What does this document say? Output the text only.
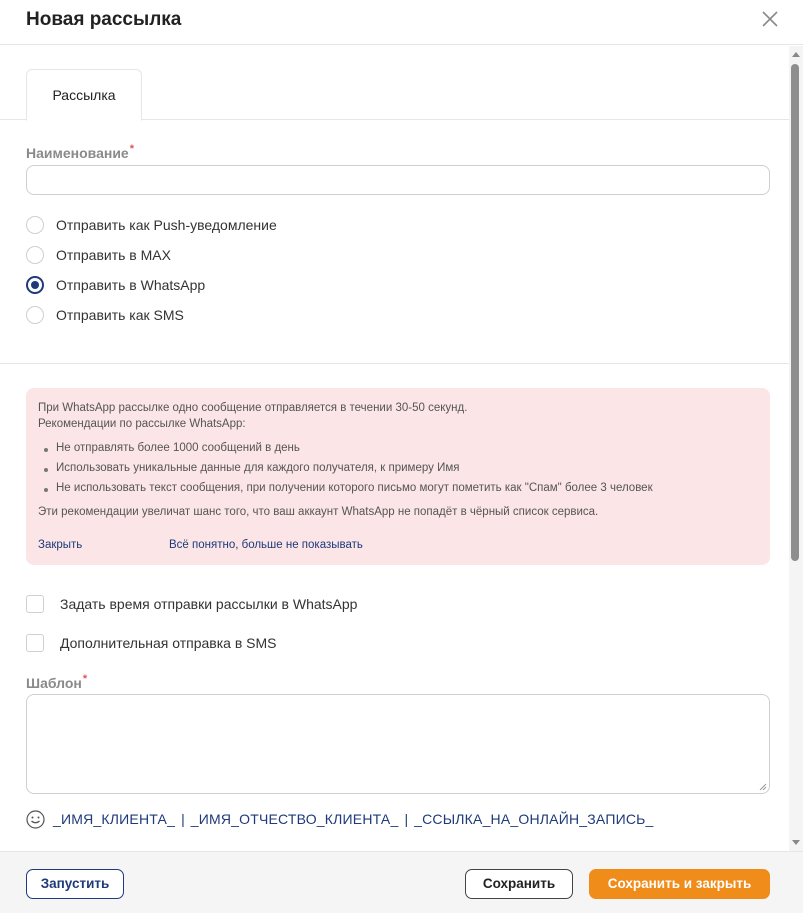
Новая рассылка
Рассылка
Наименование*
Отправить как Push-уведомление
Отправить в MAX
Отправить в WhatsApp
Отправить как SMS
При WhatsApp рассылке одно сообщение отправляется в течении 30-50 секунд.
Рекомендации по рассылке WhatsApp:
Не отправлять более 1000 сообщений в день
Использовать уникальные данные для каждого получателя, к примеру Имя
Не использовать текст сообщения, при получении которого письмо могут пометить как "Спам" более 3 человек
Эти рекомендации увеличат шанс того, что ваш аккаунт WhatsApp не попадёт в чёрный список сервиса.
Закрыть	Всё понятно, больше не показывать
Задать время отправки рассылки в WhatsApp
Дополнительная отправка в SMS
Шаблон*
_ИМЯ_КЛИЕНТА_ | _ИМЯ_ОТЧЕСТВО_КЛИЕНТА_ | _ССЫЛКА_НА_ОНЛАЙН_ЗАПИСЬ_
Запустить	Сохранить	Сохранить и закрыть
